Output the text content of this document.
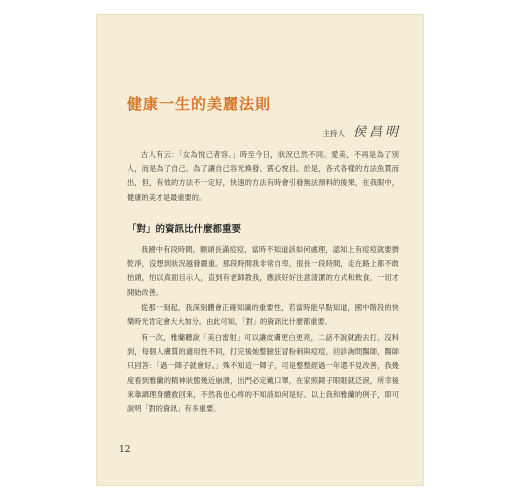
健康一生的美麗法則
主持人 侯昌明

古人有云：「女為悅己者容。」時至今日，狀況已然不同。愛美，不再是為了別人，而是為了自己，為了讓自己容光煥發、賞心悅目。於是，各式各樣的方法魚貫而出，但，有效的方法不一定好，快速的方法有時會引發無法預料的後果，在我眼中，健康的美才是最重要的。

「對」的資訊比什麼都重要

我國中有段時間，額頭長滿痘痘，當時不知道該如何處理，認知上有痘痘就要擠乾淨，沒想到狀況越發嚴重。那段時間我非常自卑，很長一段時間，走在路上都不敢抬頭，怕以真面目示人，直到有老師教我，應該好好注意清潔的方式和飲食，一切才開始改善。

從那一刻起，我深刻體會正確知識的重要性，若當時能早點知道，國中階段的快樂時光肯定會大大加分。由此可知，「對」的資訊比什麼都重要。

有一次，雅蘭聽說「美白雷射」可以讓皮膚更白更亮，二話不說就跑去打。沒料到，每個人膚質的適用性不同，打完後她整臉狂冒粉刺與痘痘，回診詢問醫師，醫師只回答：「過一陣子就會好。」殊不知這一陣子，可是整整經過一年還不見改善，我幾度看到雅蘭的精神狀態幾近崩潰，出門必定戴口罩，在家照鏡子眼眶就泛淚，所幸後來靠調理身體救回來，不然我也心疼的不知該如何是好。以上我和雅蘭的例子，即可說明「對的資訊」有多重要。

12
